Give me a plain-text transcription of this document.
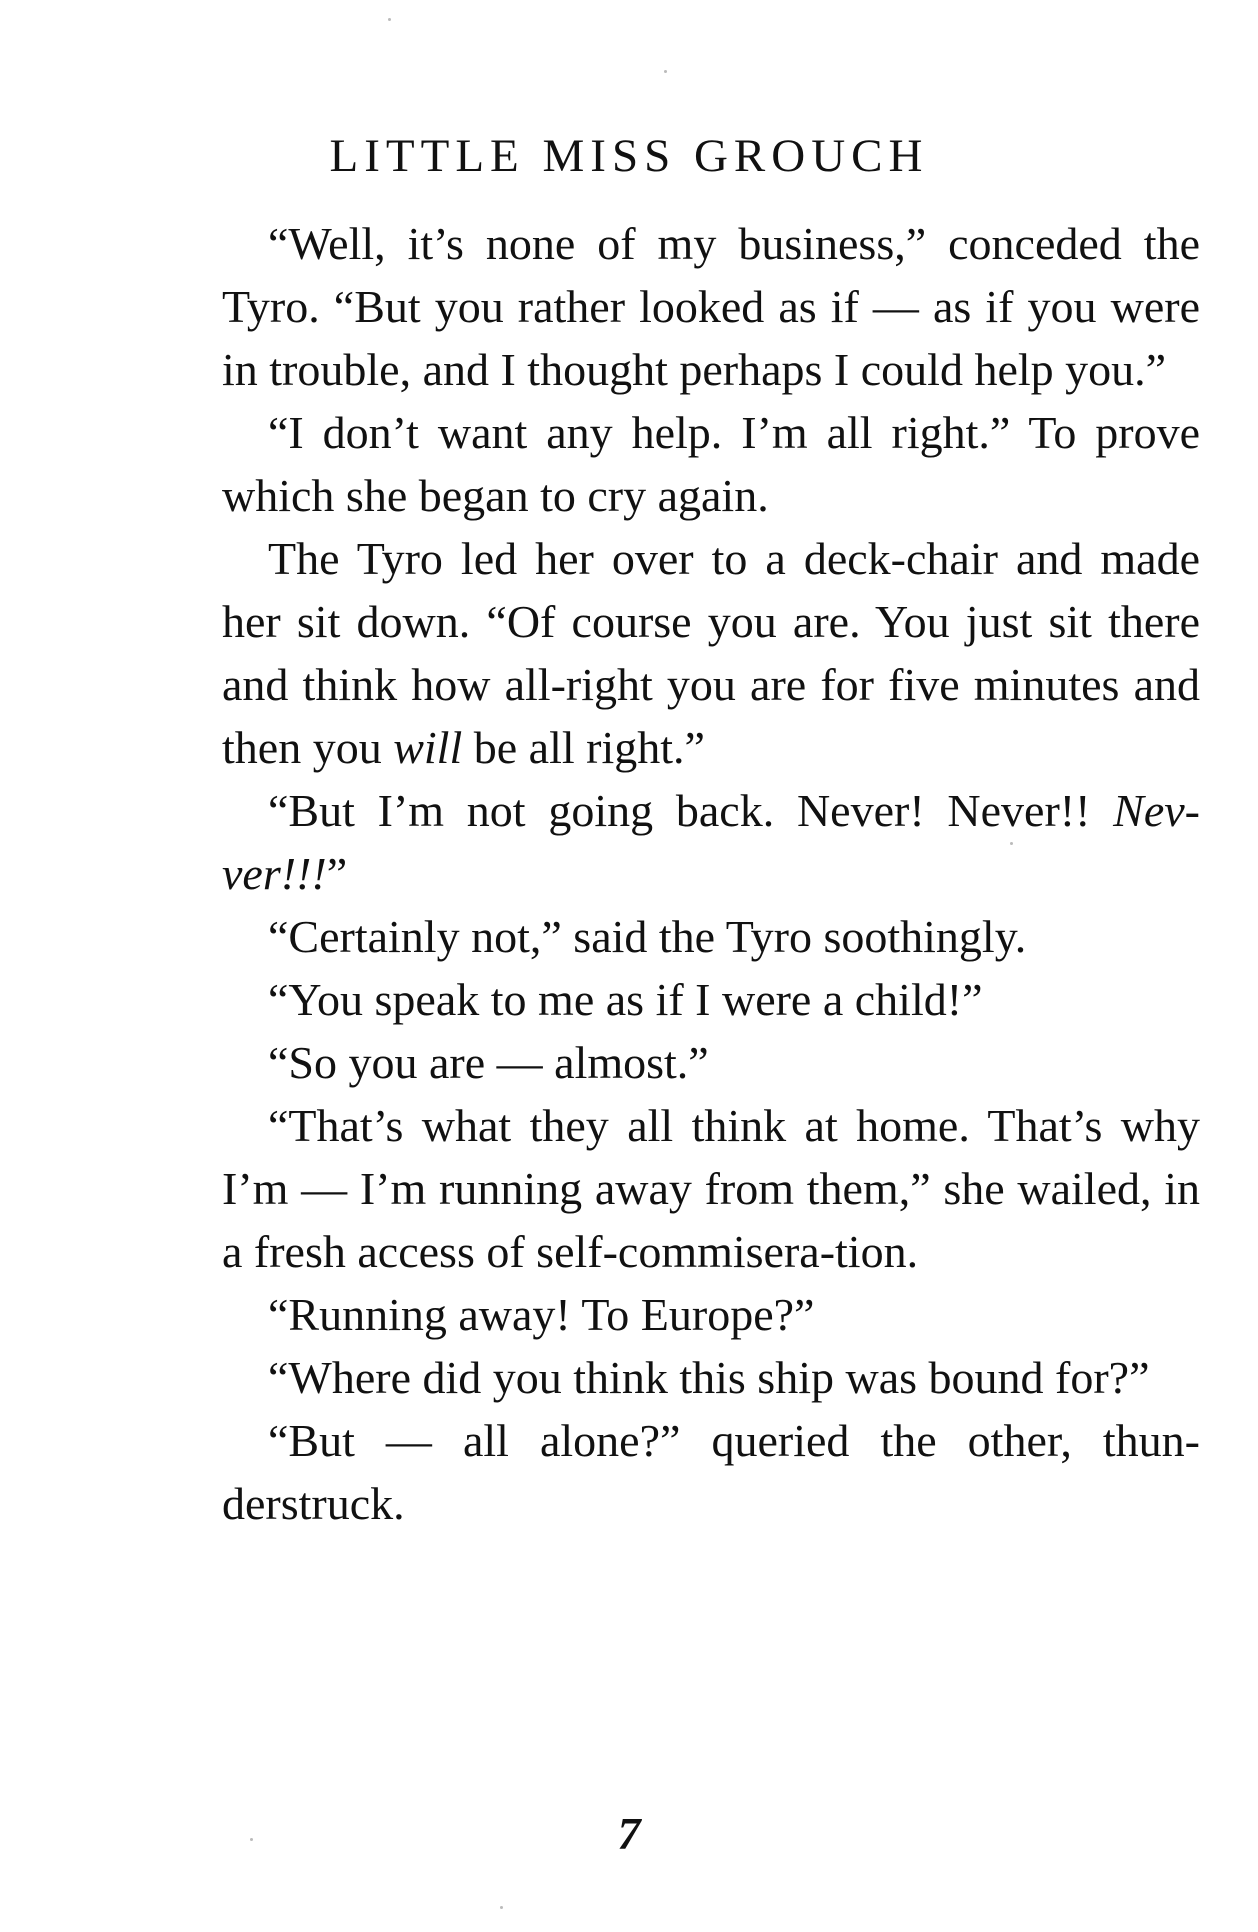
LITTLE MISS GROUCH

“Well, it’s none of my business,” conceded the Tyro. “But you rather looked as if — as if you were in trouble, and I thought perhaps I could help you.”

“I don’t want any help. I’m all right.” To prove which she began to cry again.

The Tyro led her over to a deck-chair and made her sit down. “Of course you are. You just sit there and think how all-right you are for five minutes and then you will be all right.”

“But I’m not going back. Never! Never!! Nev-ver!!!”

“Certainly not,” said the Tyro soothingly.

“You speak to me as if I were a child!”

“So you are — almost.”

“That’s what they all think at home. That’s why I’m — I’m running away from them,” she wailed, in a fresh access of self-commisera-tion.

“Running away! To Europe?”

“Where did you think this ship was bound for?”

“But — all alone?” queried the other, thun-derstruck.

7
